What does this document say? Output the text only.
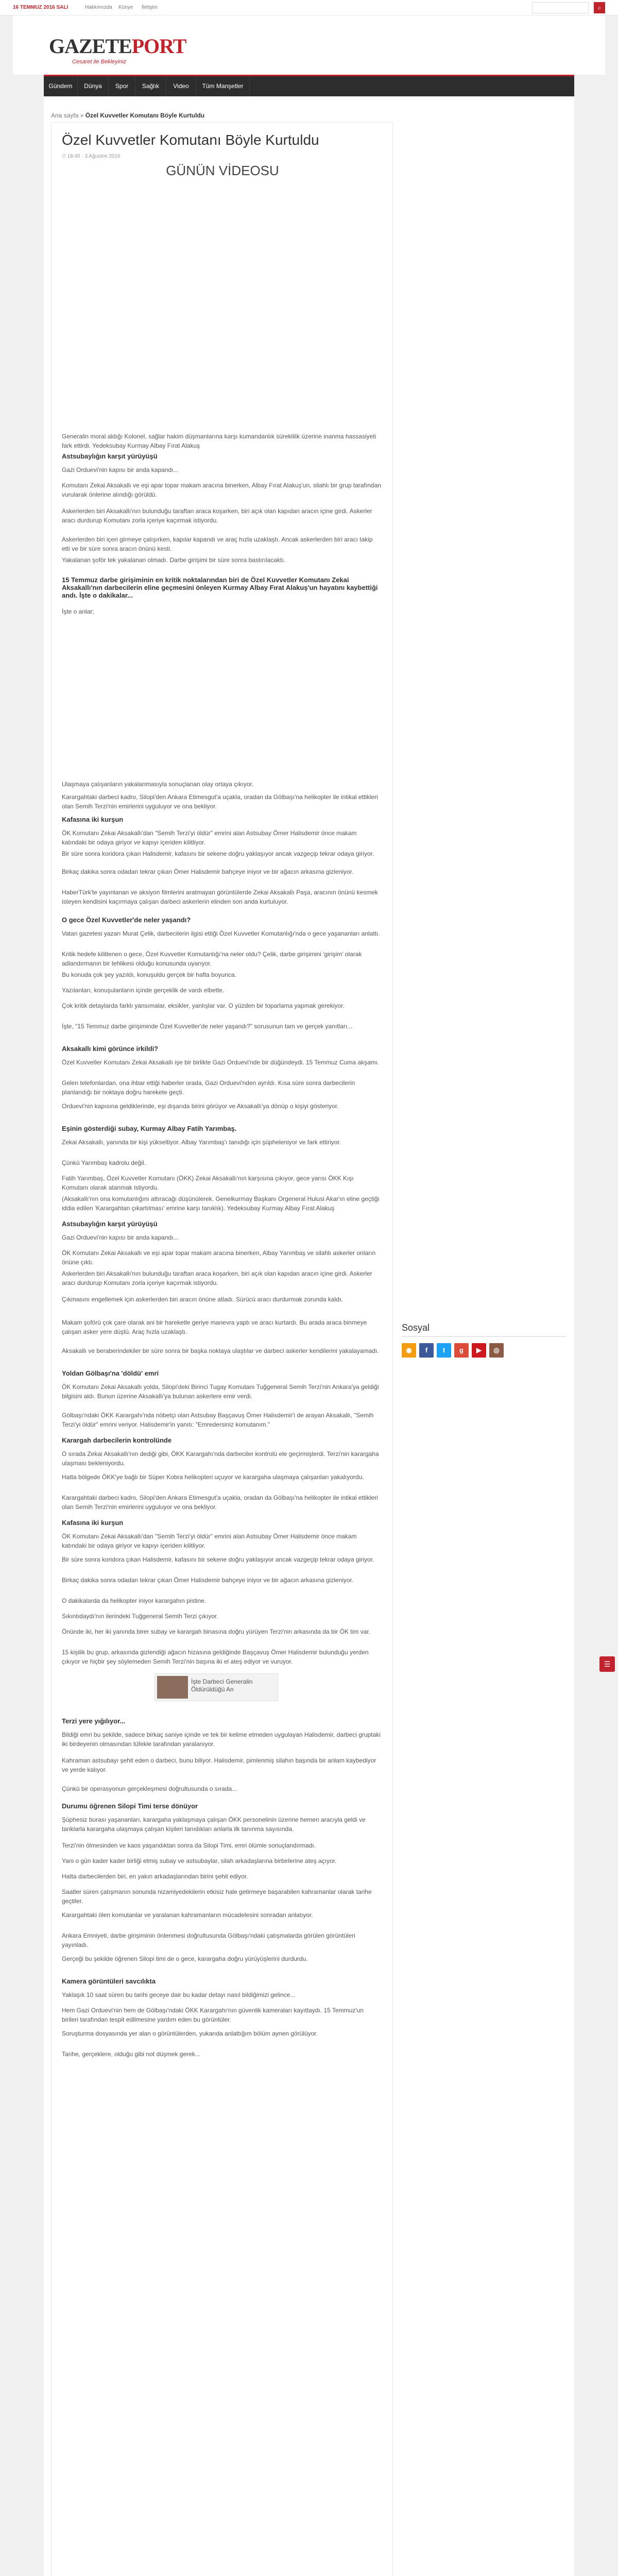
16 TEMMUZ 2016 SALI	Hakkımızda Künye İletişim	⌕
GAZETEPORT
Cesaret ile Bekleyiniz
Gündem	Dünya	Spor	Sağlık	Video	Tüm Manşetler
Ana sayfa » Özel Kuvvetler Komutanı Böyle Kurtuldu
Özel Kuvvetler Komutanı Böyle Kurtuldu
⏱ 18:40 · 3 Ağustos 2016
GÜNÜN VİDEOSU
Generalin moral aldığı Kolonel, sağlar hakim düşmanlarına karşı kumandanlık süreklilik üzerine inanma hassasiyeti fark ettirdi. Yedeksubay Kurmay Albay Fırat Alakuş
Astsubaylığın karşıt yürüyüşü
Gazi Orduevi'nin kapısı bir anda kapandı...
Komutanı Zekai Aksakallı ve eşi apar topar makam aracına binerken, Albay Fırat Alakuş'un, silahlı bir grup tarafından vurularak önlerine alındığı görüldü.
Askerlerden biri Aksakallı'nın bulunduğu taraftan araca koşarken, biri açık olan kapıdan aracın içine girdi. Askerler aracı durdurup Komutanı zorla içeriye kaçırmak istiyordu.
Askerlerden biri içeri girmeye çalışırken, kapılar kapandı ve araç hızla uzaklaştı. Ancak askerlerden biri aracı takip etti ve bir süre sonra aracın önünü kesti.
Yakalanan şoför tek yakalanan olmadı. Darbe girişimi bir süre sonra bastırılacaktı.
15 Temmuz darbe girişiminin en kritik noktalarından biri de Özel Kuvvetler Komutanı Zekai Aksakallı'nın darbecilerin eline geçmesini önleyen Kurmay Albay Fırat Alakuş'un hayatını kaybettiği andı. İşte o dakikalar...
İşte o anlar;
Ulaşmaya çalışanların yakalanmasıyla sonuçlanan olay ortaya çıkıyor.
Karargahtaki darbeci kadro, Silopi'den Ankara Etimesgut'a uçakla, oradan da Gölbaşı'na helikopter ile intikal ettikleri olan Semih Terzi'nin emirlerini uyguluyor ve ona bekliyor.
Kafasına iki kurşun
ÖK Komutanı Zekai Aksakallı'dan "Semih Terzi'yi öldür" emrini alan Astsubay Ömer Halisdemir önce makam katındaki bir odaya giriyor ve kapıyı içeriden kilitliyor.
Bir süre sonra koridora çıkan Halisdemir, kafasını bir sekene doğru yaklaşıyor ancak vazgeçip tekrar odaya giriyor.
Birkaç dakika sonra odadan tekrar çıkan Ömer Halisdemir bahçeye iniyor ve bir ağacın arkasına gizleniyor.
HaberTürk'te yayınlanan ve aksiyon filmlerini aratmayan görüntülerde Zekai Aksakallı Paşa, aracının önünü kesmek isteyen kendisini kaçırmaya çalışan darbeci askerlerin elinden son anda kurtuluyor.
O gece Özel Kuvvetler'de neler yaşandı?
Vatan gazetesi yazarı Murat Çelik, darbecilerin ilgisi ettiği Özel Kuvvetler Komutanlığı'nda o gece yaşananları anlattı.
Kritik hedefe kilitlenen o gece, Özel Kuvvetler Komutanlığı'na neler oldu? Çelik, darbe girişimini 'girişim' olarak adlandırmanın bir tehlikesi olduğu konusunda uyarıyor.
Bu konuda çok şey yazıldı, konuşuldu gerçek bir hafta boyunca.
Yazılanları, konuşulanların içinde gerçeklik de vardı elbette.
Çok kritik detaylarda farklı yansımalar, eksikler, yanlışlar var. O yüzden bir toparlama yapmak gerekiyor.
İşte, "15 Temmuz darbe girişiminde Özel Kuvvetler'de neler yaşandı?" sorusunun tam ve gerçek yanıtları...
Aksakallı kimi görünce irkildi?
Özel Kuvvetler Komutanı Zekai Aksakallı işe bir birlikte Gazi Orduevi'nde bir düğündeydi. 15 Temmuz Cuma akşamı.
Gelen telefonlardan, ona ihbar ettiği haberler orada, Gazi Orduevi'nden ayrıldı. Kısa süre sonra darbecilerin planlandığı bir noktaya doğru harekete geçti.
Orduevi'nin kapısına geldiklerinde, eşi dışarıda birini görüyor ve Aksakallı'ya dönüp o kişiyi gösteriyor.
Eşinin gösterdiği subay, Kurmay Albay Fatih Yarımbaş.
Zekai Aksakallı, yanında bir kişi yükseltiyor. Albay Yarımbaş'ı tanıdığı için şüpheleniyor ve fark ettiriyor.
Çünkü Yarımbaş kadrolu değil.
Fatih Yarımbaş, Özel Kuvvetler Komutanı (ÖKK) Zekai Aksakallı'nın karşısına çıkıyor, gece yarısı ÖKK Kışı Komutanı olarak atanmak istiyordu.
(Aksakallı'nın ona komutanlığını attıracağı düşünülerek. Genelkurmay Başkanı Orgeneral Hulusi Akar'ın eline geçtiği iddia edilen 'Karargahtan çıkartılması' emrine karşı tanıklık). Yedeksubay Kurmay Albay Fırat Alakuş
Astsubaylığın karşıt yürüyüşü
Gazi Orduevi'nin kapısı bir anda kapandı...
ÖK Komutanı Zekai Aksakallı ve eşi apar topar makam aracına binerken, Albay Yarımbaş ve silahlı askerler onların önüne çıktı.
Askerlerden biri Aksakallı'nın bulunduğu taraftan araca koşarken, biri açık olan kapıdan aracın içine girdi. Askerler aracı durdurup Komutanı zorla içeriye kaçırmak istiyordu.
Çıkmasını engellemek için askerlerden biri aracın önüne atladı. Sürücü aracı durdurmak zorunda kaldı.
Makam şoförü çok çare olarak ani bir hareketle geriye manevra yaptı ve aracı kurtardı. Bu arada araca binmeye çalışan asker yere düştü. Araç hızla uzaklaştı.
Aksakallı ve beraberindekiler bir süre sonra bir başka noktaya ulaştılar ve darbeci askerler kendilerini yakalayamadı.
Yoldan Gölbaşı'na 'döldü' emri
ÖK Komutanı Zekai Aksakallı yolda, Silopi'deki Birinci Tugay Komutanı Tuğgeneral Semih Terzi'nin Ankara'ya geldiği bilgisini aldı. Bunun üzerine Aksakallı'ya bulunan askerlere emir verdi.
Gölbaşı'ndaki ÖKK Karargahı'nda nöbetçi olan Astsubay Başçavuş Ömer Halisdemir'i de arayan Aksakallı, "Semih Terzi'yi öldür" emrini veriyor. Halisdemir'in yanıtı: "Emredersiniz komutanım."
Karargah darbecilerin kontrolünde
O sırada Zekai Aksakallı'nın dediği gibi, ÖKK Karargahı'nda darbeciler kontrolü ele geçirmişlerdi. Terzi'nin karargaha ulaşması bekleniyordu.
Hatta bölgede ÖKK'ye bağlı bir Süper Kobra helikopteri uçuyor ve karargaha ulaşmaya çalışanları yakalıyordu.
Karargahtaki darbeci kadro, Silopi'den Ankara Etimesgut'a uçakla, oradan da Gölbaşı'na helikopter ile intikal ettikleri olan Semih Terzi'nin emirlerini uyguluyor ve ona bekliyor.
Kafasına iki kurşun
ÖK Komutanı Zekai Aksakallı'dan "Semih Terzi'yi öldür" emrini alan Astsubay Ömer Halisdemir önce makam katındaki bir odaya giriyor ve kapıyı içeriden kilitliyor.
Bir süre sonra koridora çıkan Halisdemir, kafasını bir sekene doğru yaklaşıyor ancak vazgeçip tekrar odaya giriyor.
Birkaç dakika sonra odadan tekrar çıkan Ömer Halisdemir bahçeye iniyor ve bir ağacın arkasına gizleniyor.
O dakikalarda da helikopter iniyor karargahın pistine.
Sıkıntıdaydı'nın ilerindeki Tuğgeneral Semih Terzi çıkıyor.
Önünde iki, her iki yanında birer subay ve karargah binasına doğru yürüyen Terzi'nin arkasında da bir ÖK tim var.
15 kişilik bu grup, arkasında gizlendiği ağacın hizasına geldiğinde Başçavuş Ömer Halisdemir bulunduğu yerden çıkıyor ve hiçbir şey söylemeden Semih Terzi'nin başına iki el ateş ediyor ve vuruyor.
Terzi yere yığılıyor...
Bildiği emri bu şekilde, sadece birkaç saniye içinde ve tek bir kelime etmeden uygulayan Halisdemir, darbeci gruptaki iki birdeyenin olmasından tüfekle tarafından yaralanıyor.
Kahraman astsubayı şehit eden o darbeci, bunu biliyor. Halisdemir, pimlenmiş silahın başında bir anlam kaybediyor ve yerde kalıyor.
Çünkü bir operasyonun gerçekleşmesi doğrultusunda o sırada...
Durumu öğrenen Silopi Timi terse dönüyor
Şüphesiz burası yaşananları, karargaha yaklaşmaya çalışan ÖKK personelinin üzerine hemen aracıyla geldi ve tanklarla karargaha ulaşmaya çalışan kişileri tanıdıkları anlarla ilk tanınma sayısında.
Terzi'nin ölmesinden ve kaos yaşandıktan sonra da Silopi Timi, emri ölümle sonuçlandırmadı.
Yani o gün kader kader birliği etmiş subay ve astsubaylar, silah arkadaşlarına birbirlerine ateş açıyor.
Hatta darbecilerden biri, en yakın arkadaşlarından birini şehit ediyor.
Saatler süren çatışmanın sonunda nizamiyedekilerin etkisiz hale getirmeye başarabilen kahramanlar olarak tarihe geçtiler.
Karargahtaki ölen komutanlar ve yaralanan kahramanların mücadelesini sonradan anlatıyor.
Ankara Emniyeti, darbe girişiminin önlenmesi doğrultusunda Gölbaşı'ndaki çatışmalarda görülen görüntüleri yayınladı.
Gerçeği bu şekilde öğrenen Silopi timi de o gece, karargaha doğru yürüyüşlerini durdurdu.
Kamera görüntüleri savcılıkta
Yaklaşık 10 saat süren bu tarihi geceye dair bu kadar detayı nasıl bildiğimizi gelince...
Hem Gazi Orduevi'nin hem de Gölbaşı'ndaki ÖKK Karargahı'nın güvenlik kameraları kayıttaydı. 15 Temmuz'un birileri tarafından tespit edilmesine yardım eden bu görüntüler.
Soruşturma dosyasında yer alan o görüntülerden, yukarıda anlattığım bölüm aynen görülüyor.
Tarihe, gerçeklere, olduğu gibi not düşmek gerek...
İşte Darbeci Generalin Öldürüldüğü An
Sosyal
◉	f	t	g	▶	◎
☰
